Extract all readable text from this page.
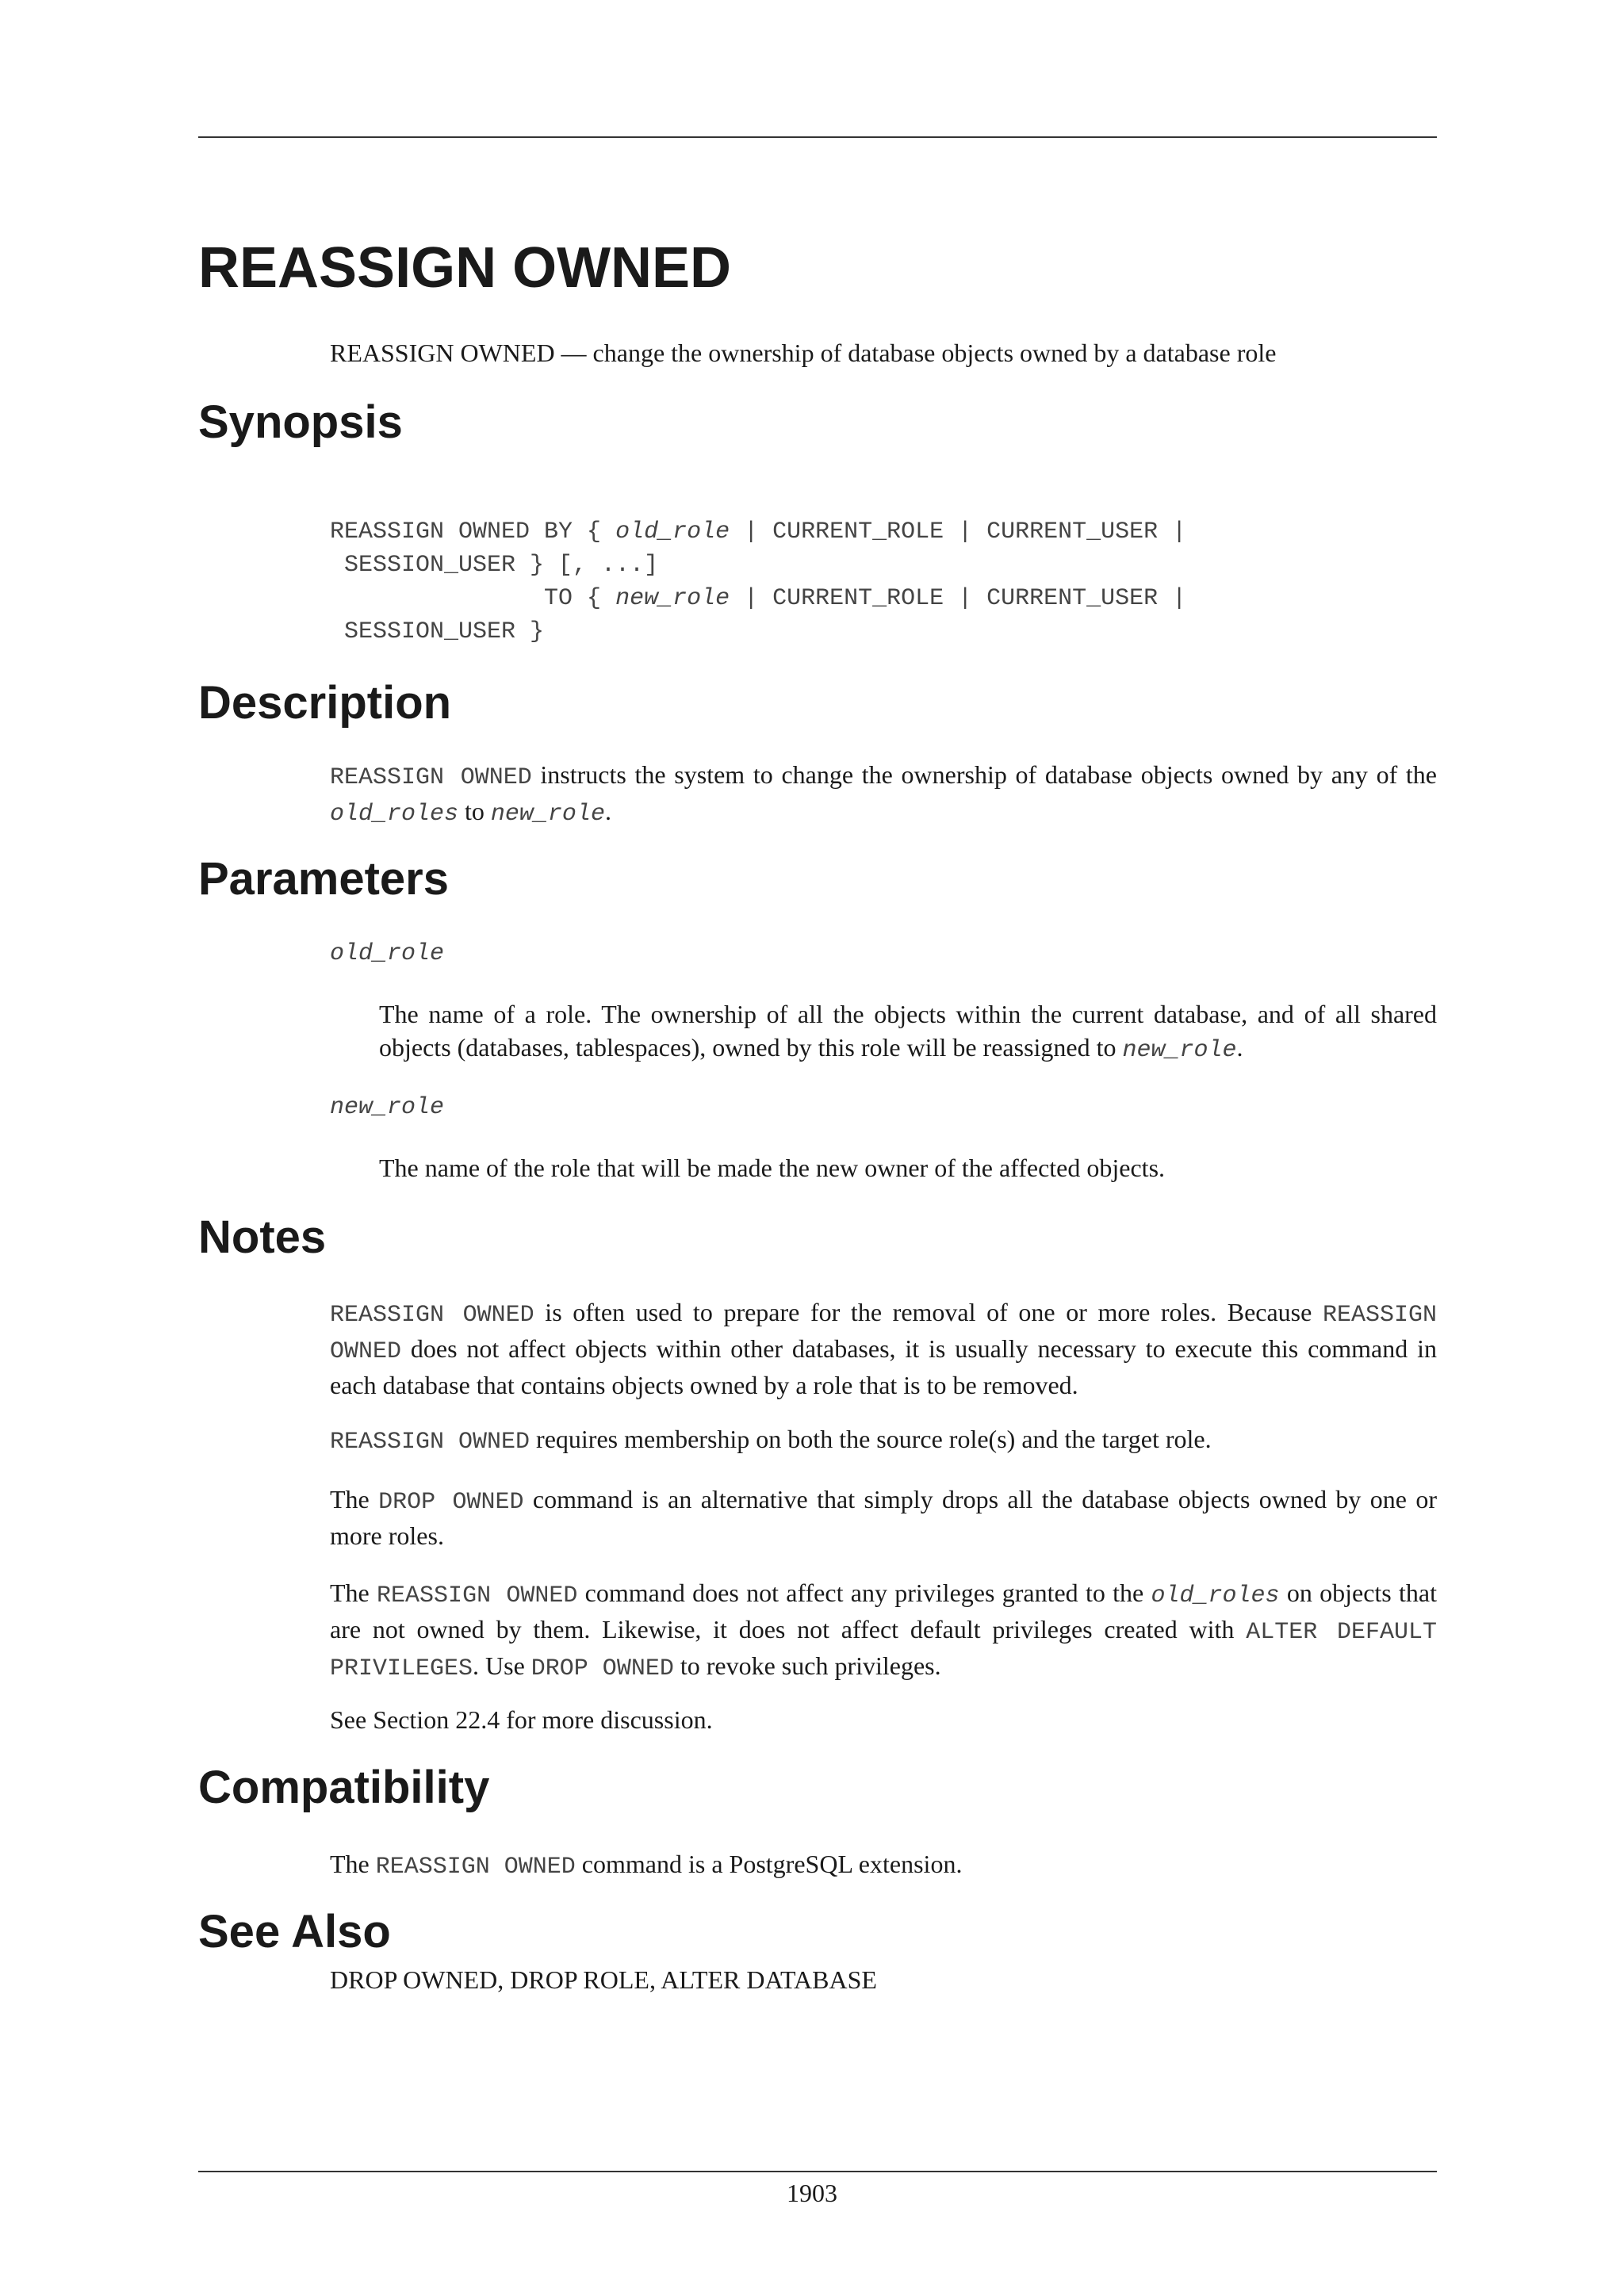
REASSIGN OWNED

REASSIGN OWNED — change the ownership of database objects owned by a database role

Synopsis
REASSIGN OWNED BY { old_role | CURRENT_ROLE | CURRENT_USER |
SESSION_USER } [, ...]
TO { new_role | CURRENT_ROLE | CURRENT_USER |
SESSION_USER }
Description

REASSIGN OWNED instructs the system to change the ownership of database objects owned by any of the old_roles to new_role.

Parameters

old_role

The name of a role. The ownership of all the objects within the current database, and of all shared objects (databases, tablespaces), owned by this role will be reassigned to new_role.

new_role

The name of the role that will be made the new owner of the affected objects.

Notes

REASSIGN OWNED is often used to prepare for the removal of one or more roles. Because REASSIGN OWNED does not affect objects within other databases, it is usually necessary to execute this command in each database that contains objects owned by a role that is to be removed.

REASSIGN OWNED requires membership on both the source role(s) and the target role.

The DROP OWNED command is an alternative that simply drops all the database objects owned by one or more roles.

The REASSIGN OWNED command does not affect any privileges granted to the old_roles on objects that are not owned by them. Likewise, it does not affect default privileges created with ALTER DEFAULT PRIVILEGES. Use DROP OWNED to revoke such privileges.

See Section 22.4 for more discussion.

Compatibility

The REASSIGN OWNED command is a PostgreSQL extension.

See Also

DROP OWNED, DROP ROLE, ALTER DATABASE

1903
